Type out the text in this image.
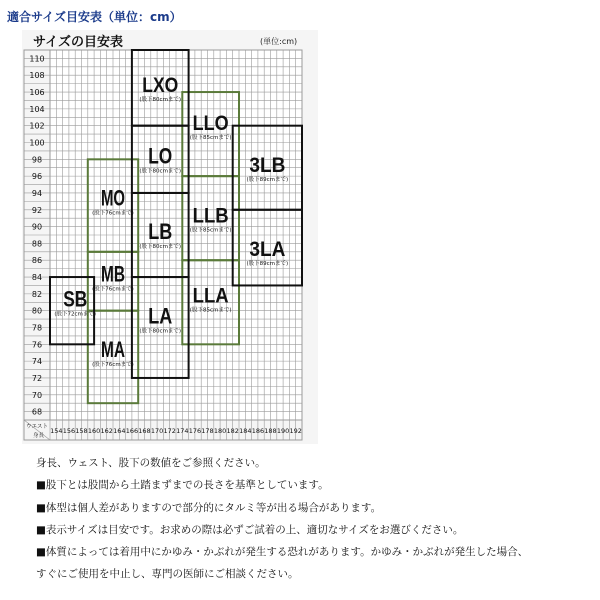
適合サイズ目安表（単位：cm）
サイズの目安表	(単位:cm)
68
70
72
74
76
78
80
82
84
86
88
90
92
94
96
98
100
102
104
106
108
110
154 156 158 160 162 164 166 168 170 172 174 176 178 180 182 184 186 188 190 192
ウエスト
身長
LXO
(股下80cmまで)
LO
(股下80cmまで)
LB
(股下80cmまで)
LA
(股下80cmまで)
MO
(股下76cmまで)
MB
(股下76cmまで)
MA
(股下76cmまで)
SB
(股下72cmまで)
LLO
(股下85cmまで)
LLB
(股下85cmまで)
LLA
(股下85cmまで)
3LB
(股下89cmまで)
3LA
(股下89cmまで)
身長、ウェスト、股下の数値をご参照ください。
■股下とは股間から土踏まずまでの長さを基準としています。
■体型は個人差がありますので部分的にタルミ等が出る場合があります。
■表示サイズは目安です。お求めの際は必ずご試着の上、適切なサイズをお選びください。
■体質によっては着用中にかゆみ・かぶれが発生する恐れがあります。かゆみ・かぶれが発生した場合、
すぐにご使用を中止し、専門の医師にご相談ください。
